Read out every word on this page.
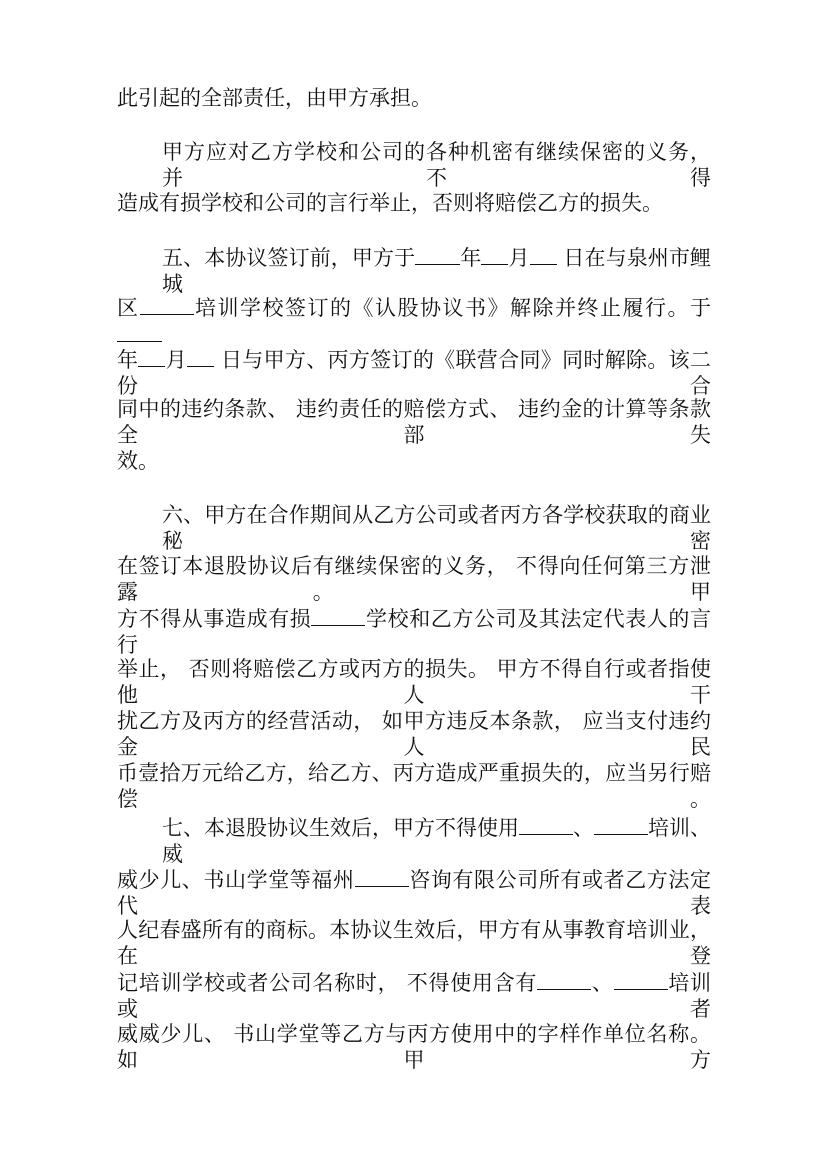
此引起的全部责任，由甲方承担。
甲方应对乙方学校和公司的各种机密有继续保密的义务， 并不得
造成有损学校和公司的言行举止，否则将赔偿乙方的损失。
五、本协议签订前，甲方于 年 月 日在与泉州市鲤城
区	培训学校签订的《认股协议书》解除并终止履行。于
年 月 日与甲方、丙方签订的《联营合同》同时解除。该二份合
同中的违约条款、 违约责任的赔偿方式、 违约金的计算等条款全部失
效。
六、甲方在合作期间从乙方公司或者丙方各学校获取的商业秘密
在签订本退股协议后有继续保密的义务， 不得向任何第三方泄露。 甲
方不得从事造成有损	学校和乙方公司及其法定代表人的言行
举止， 否则将赔偿乙方或丙方的损失。 甲方不得自行或者指使他人干
扰乙方及丙方的经营活动， 如甲方违反本条款， 应当支付违约金人民
币壹拾万元给乙方，给乙方、丙方造成严重损失的，应当另行赔偿。
七、本退股协议生效后，甲方不得使用	、	培训、威
威少儿、书山学堂等福州	咨询有限公司所有或者乙方法定代表
人纪春盛所有的商标。本协议生效后，甲方有从事教育培训业，在登
记培训学校或者公司名称时， 不得使用含有	、	培训或者
威威少儿、 书山学堂等乙方与丙方使用中的字样作单位名称。 如甲方
